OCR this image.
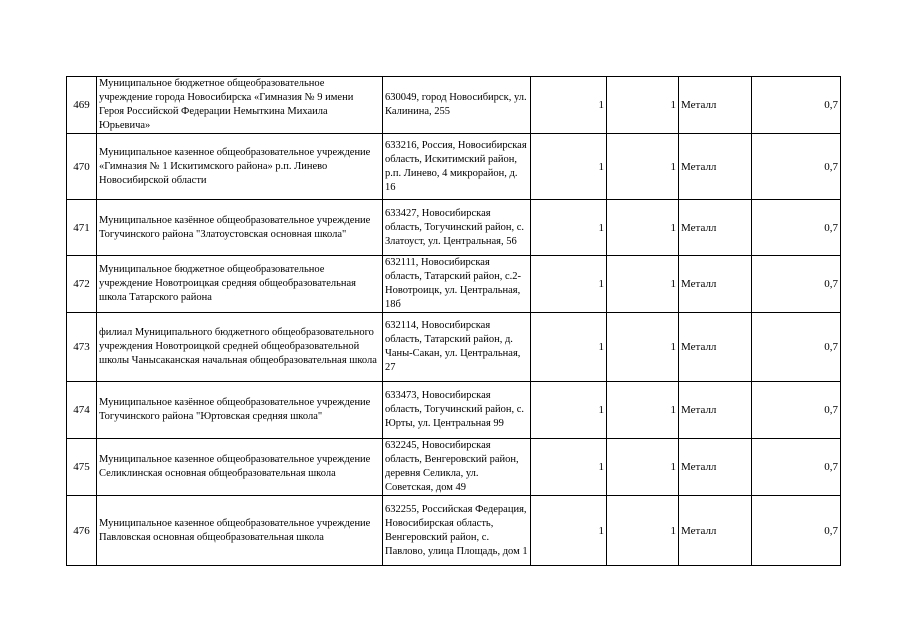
469	Муниципальное бюджетное общеобразовательное учреждение города Новосибирска «Гимназия № 9 имени Героя Российской Федерации Немыткина Михаила Юрьевича»	630049, город Новосибирск, ул. Калинина, 255	1	1	Металл	0,7
470	Муниципальное казенное общеобразовательное учреждение «Гимназия № 1 Искитимского района» р.п. Линево Новосибирской области	633216, Россия, Новосибирская область, Искитимский район, р.п. Линево, 4 микрорайон, д. 16	1	1	Металл	0,7
471	Муниципальное казённое общеобразовательное учреждение Тогучинского района "Златоустовская основная школа"	633427, Новосибирская область, Тогучинский район, с. Златоуст, ул. Центральная, 56	1	1	Металл	0,7
472	Муниципальное бюджетное общеобразовательное учреждение Новотроицкая средняя общеобразовательная школа Татарского района	632111, Новосибирская область, Татарский район, с.2-Новотроицк, ул. Центральная, 18б	1	1	Металл	0,7
473	филиал Муниципального бюджетного общеобразовательного учреждения Новотроицкой средней общеобразовательной школы Чанысаканская начальная общеобразовательная школа	632114, Новосибирская область, Татарский район, д. Чаны-Сакан, ул. Центральная, 27	1	1	Металл	0,7
474	Муниципальное казённое общеобразовательное учреждение Тогучинского района "Юртовская средняя школа"	633473, Новосибирская область, Тогучинский район, с. Юрты, ул. Центральная 99	1	1	Металл	0,7
475	Муниципальное казенное общеобразовательное учреждение Селиклинская основная общеобразовательная школа	632245, Новосибирская область, Венгеровский район, деревня Селикла, ул. Советская, дом 49	1	1	Металл	0,7
476	Муниципальное казенное общеобразовательное учреждение Павловская основная общеобразовательная школа	632255, Российская Федерация, Новосибирская область, Венгеровский район, с. Павлово, улица Площадь, дом 1	1	1	Металл	0,7
